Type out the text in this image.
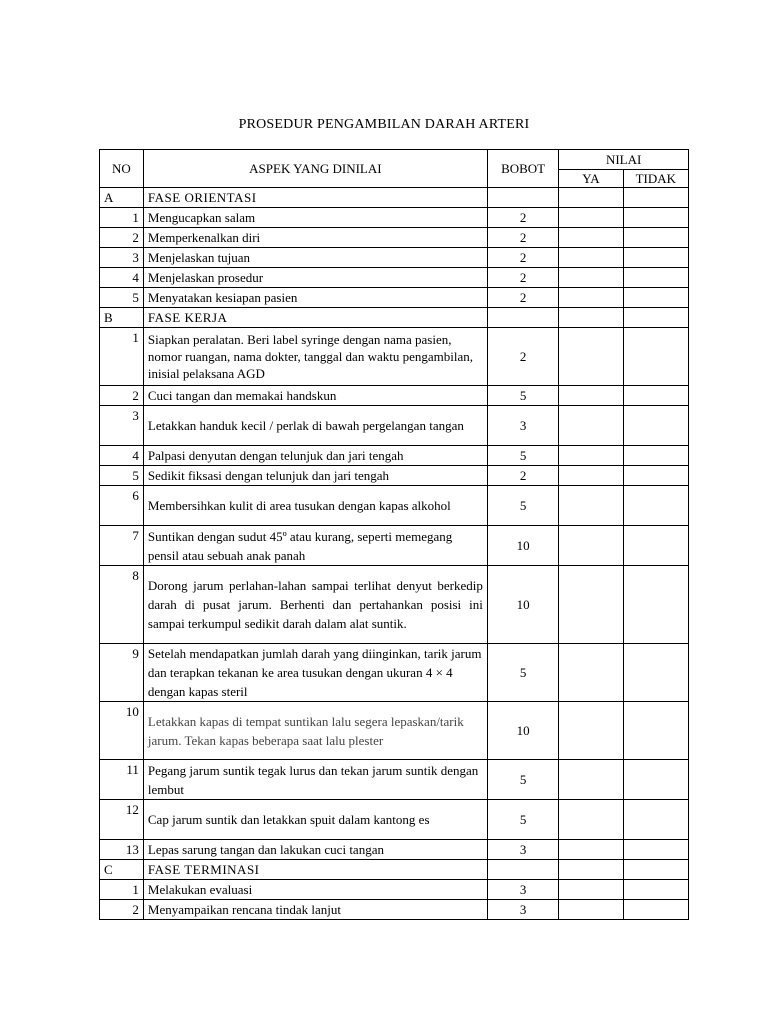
PROSEDUR PENGAMBILAN DARAH ARTERI
NO	ASPEK YANG DINILAI	BOBOT	NILAI	
			YA	TIDAK
A	FASE ORIENTASI			
1	Mengucapkan salam	2		
2	Memperkenalkan diri	2		
3	Menjelaskan tujuan	2		
4	Menjelaskan prosedur	2		
5	Menyatakan kesiapan pasien	2		
B	FASE KERJA			
1	Siapkan peralatan. Beri label syringe dengan nama pasien, nomor ruangan, nama dokter, tanggal dan waktu pengambilan, inisial pelaksana AGD	2		
2	Cuci tangan dan memakai handskun	5		
3	Letakkan handuk kecil / perlak di bawah pergelangan tangan	3		
4	Palpasi denyutan dengan telunjuk dan jari tengah	5		
5	Sedikit fiksasi dengan telunjuk dan jari tengah	2		
6	Membersihkan kulit di area tusukan dengan kapas alkohol	5		
7	Suntikan dengan sudut 45º atau kurang, seperti memegang pensil atau sebuah anak panah	10		
8	Dorong jarum perlahan-lahan sampai terlihat denyut berkedip darah di pusat jarum. Berhenti dan pertahankan posisi ini sampai terkumpul sedikit darah dalam alat suntik.	10		
9	Setelah mendapatkan jumlah darah yang diinginkan, tarik jarum dan terapkan tekanan ke area tusukan dengan ukuran 4 × 4 dengan kapas steril	5		
10	Letakkan kapas di tempat suntikan lalu segera lepaskan/tarik jarum. Tekan kapas beberapa saat lalu plester	10		
11	Pegang jarum suntik tegak lurus dan tekan jarum suntik dengan lembut	5		
12	Cap jarum suntik dan letakkan spuit dalam kantong es	5		
13	Lepas sarung tangan dan lakukan cuci tangan	3		
C	FASE TERMINASI			
1	Melakukan evaluasi	3		
2	Menyampaikan rencana tindak lanjut	3		
